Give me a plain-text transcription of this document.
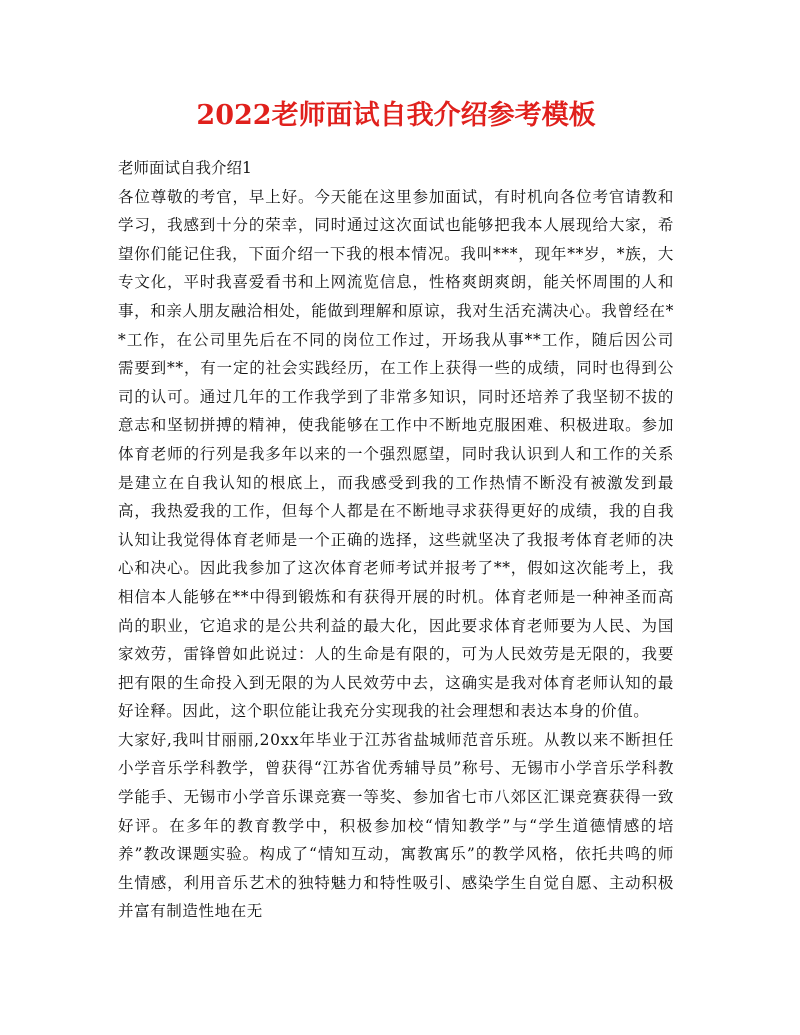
2022老师面试自我介绍参考模板

老师面试自我介绍1

各位尊敬的考官，早上好。今天能在这里参加面试，有时机向各位考官请教和学习，我感到十分的荣幸，同时通过这次面试也能够把我本人展现给大家，希望你们能记住我，下面介绍一下我的根本情况。我叫***，现年**岁，*族，大专文化，平时我喜爱看书和上网流览信息，性格爽朗爽朗，能关怀周围的人和事，和亲人朋友融洽相处，能做到理解和原谅，我对生活充满决心。我曾经在**工作，在公司里先后在不同的岗位工作过，开场我从事**工作，随后因公司需要到**，有一定的社会实践经历，在工作上获得一些的成绩，同时也得到公司的认可。通过几年的工作我学到了非常多知识，同时还培养了我坚韧不拔的意志和坚韧拼搏的精神，使我能够在工作中不断地克服困难、积极进取。参加体育老师的行列是我多年以来的一个强烈愿望，同时我认识到人和工作的关系是建立在自我认知的根底上，而我感受到我的工作热情不断没有被激发到最高，我热爱我的工作，但每个人都是在不断地寻求获得更好的成绩，我的自我认知让我觉得体育老师是一个正确的选择，这些就坚决了我报考体育老师的决心和决心。因此我参加了这次体育老师考试并报考了**，假如这次能考上，我相信本人能够在**中得到锻炼和有获得开展的时机。体育老师是一种神圣而高尚的职业，它追求的是公共利益的最大化，因此要求体育老师要为人民、为国家效劳，雷锋曾如此说过：人的生命是有限的，可为人民效劳是无限的，我要把有限的生命投入到无限的为人民效劳中去，这确实是我对体育老师认知的最好诠释。因此，这个职位能让我充分实现我的社会理想和表达本身的价值。

大家好,我叫甘丽丽,20xx年毕业于江苏省盐城师范音乐班。从教以来不断担任小学音乐学科教学，曾获得“江苏省优秀辅导员”称号、无锡市小学音乐学科教学能手、无锡市小学音乐课竞赛一等奖、参加省七市八郊区汇课竞赛获得一致好评。在多年的教育教学中，积极参加校“情知教学”与“学生道德情感的培养”教改课题实验。构成了“情知互动，寓教寓乐”的教学风格，依托共鸣的师生情感，利用音乐艺术的独特魅力和特性吸引、感染学生自觉自愿、主动积极并富有制造性地在无
